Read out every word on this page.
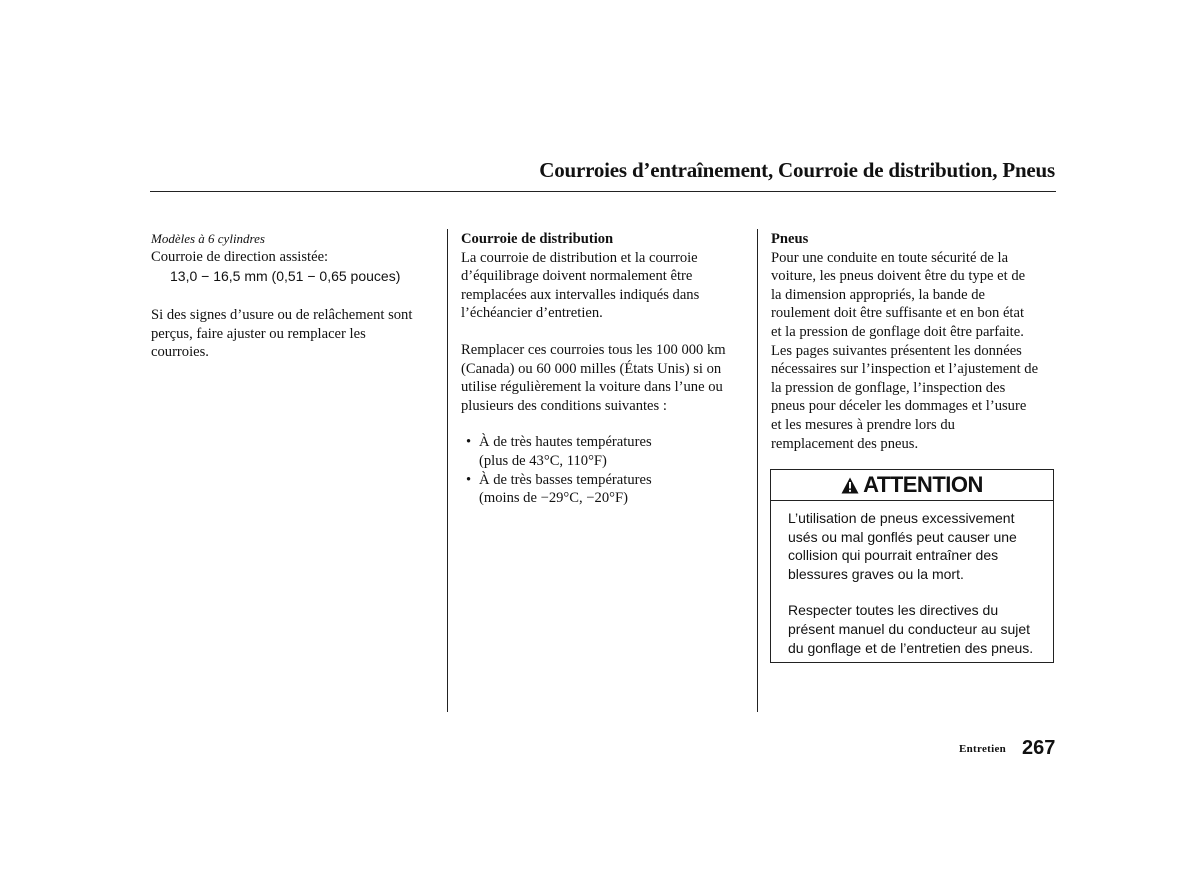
Courroies d’entraînement, Courroie de distribution, Pneus
Modèles à 6 cylindres
Courroie de direction assistée:
13,0 − 16,5 mm (0,51 − 0,65 pouces)
Si des signes d’usure ou de relâchement sont
perçus, faire ajuster ou remplacer les
courroies.
Courroie de distribution
La courroie de distribution et la courroie
d’équilibrage doivent normalement être
remplacées aux intervalles indiqués dans
l’échéancier d’entretien.
Remplacer ces courroies tous les 100 000 km
(Canada) ou 60 000 milles (États Unis) si on
utilise régulièrement la voiture dans l’une ou
plusieurs des conditions suivantes :
• À de très hautes températures
(plus de 43°C, 110°F)
• À de très basses températures
(moins de −29°C, −20°F)
Pneus
Pour une conduite en toute sécurité de la
voiture, les pneus doivent être du type et de
la dimension appropriés, la bande de
roulement doit être suffisante et en bon état
et la pression de gonflage doit être parfaite.
Les pages suivantes présentent les données
nécessaires sur l’inspection et l’ajustement de
la pression de gonflage, l’inspection des
pneus pour déceler les dommages et l’usure
et les mesures à prendre lors du
remplacement des pneus.
ATTENTION
L’utilisation de pneus excessivement
usés ou mal gonflés peut causer une
collision qui pourrait entraîner des
blessures graves ou la mort.
Respecter toutes les directives du
présent manuel du conducteur au sujet
du gonflage et de l’entretien des pneus.
Entretien 267
